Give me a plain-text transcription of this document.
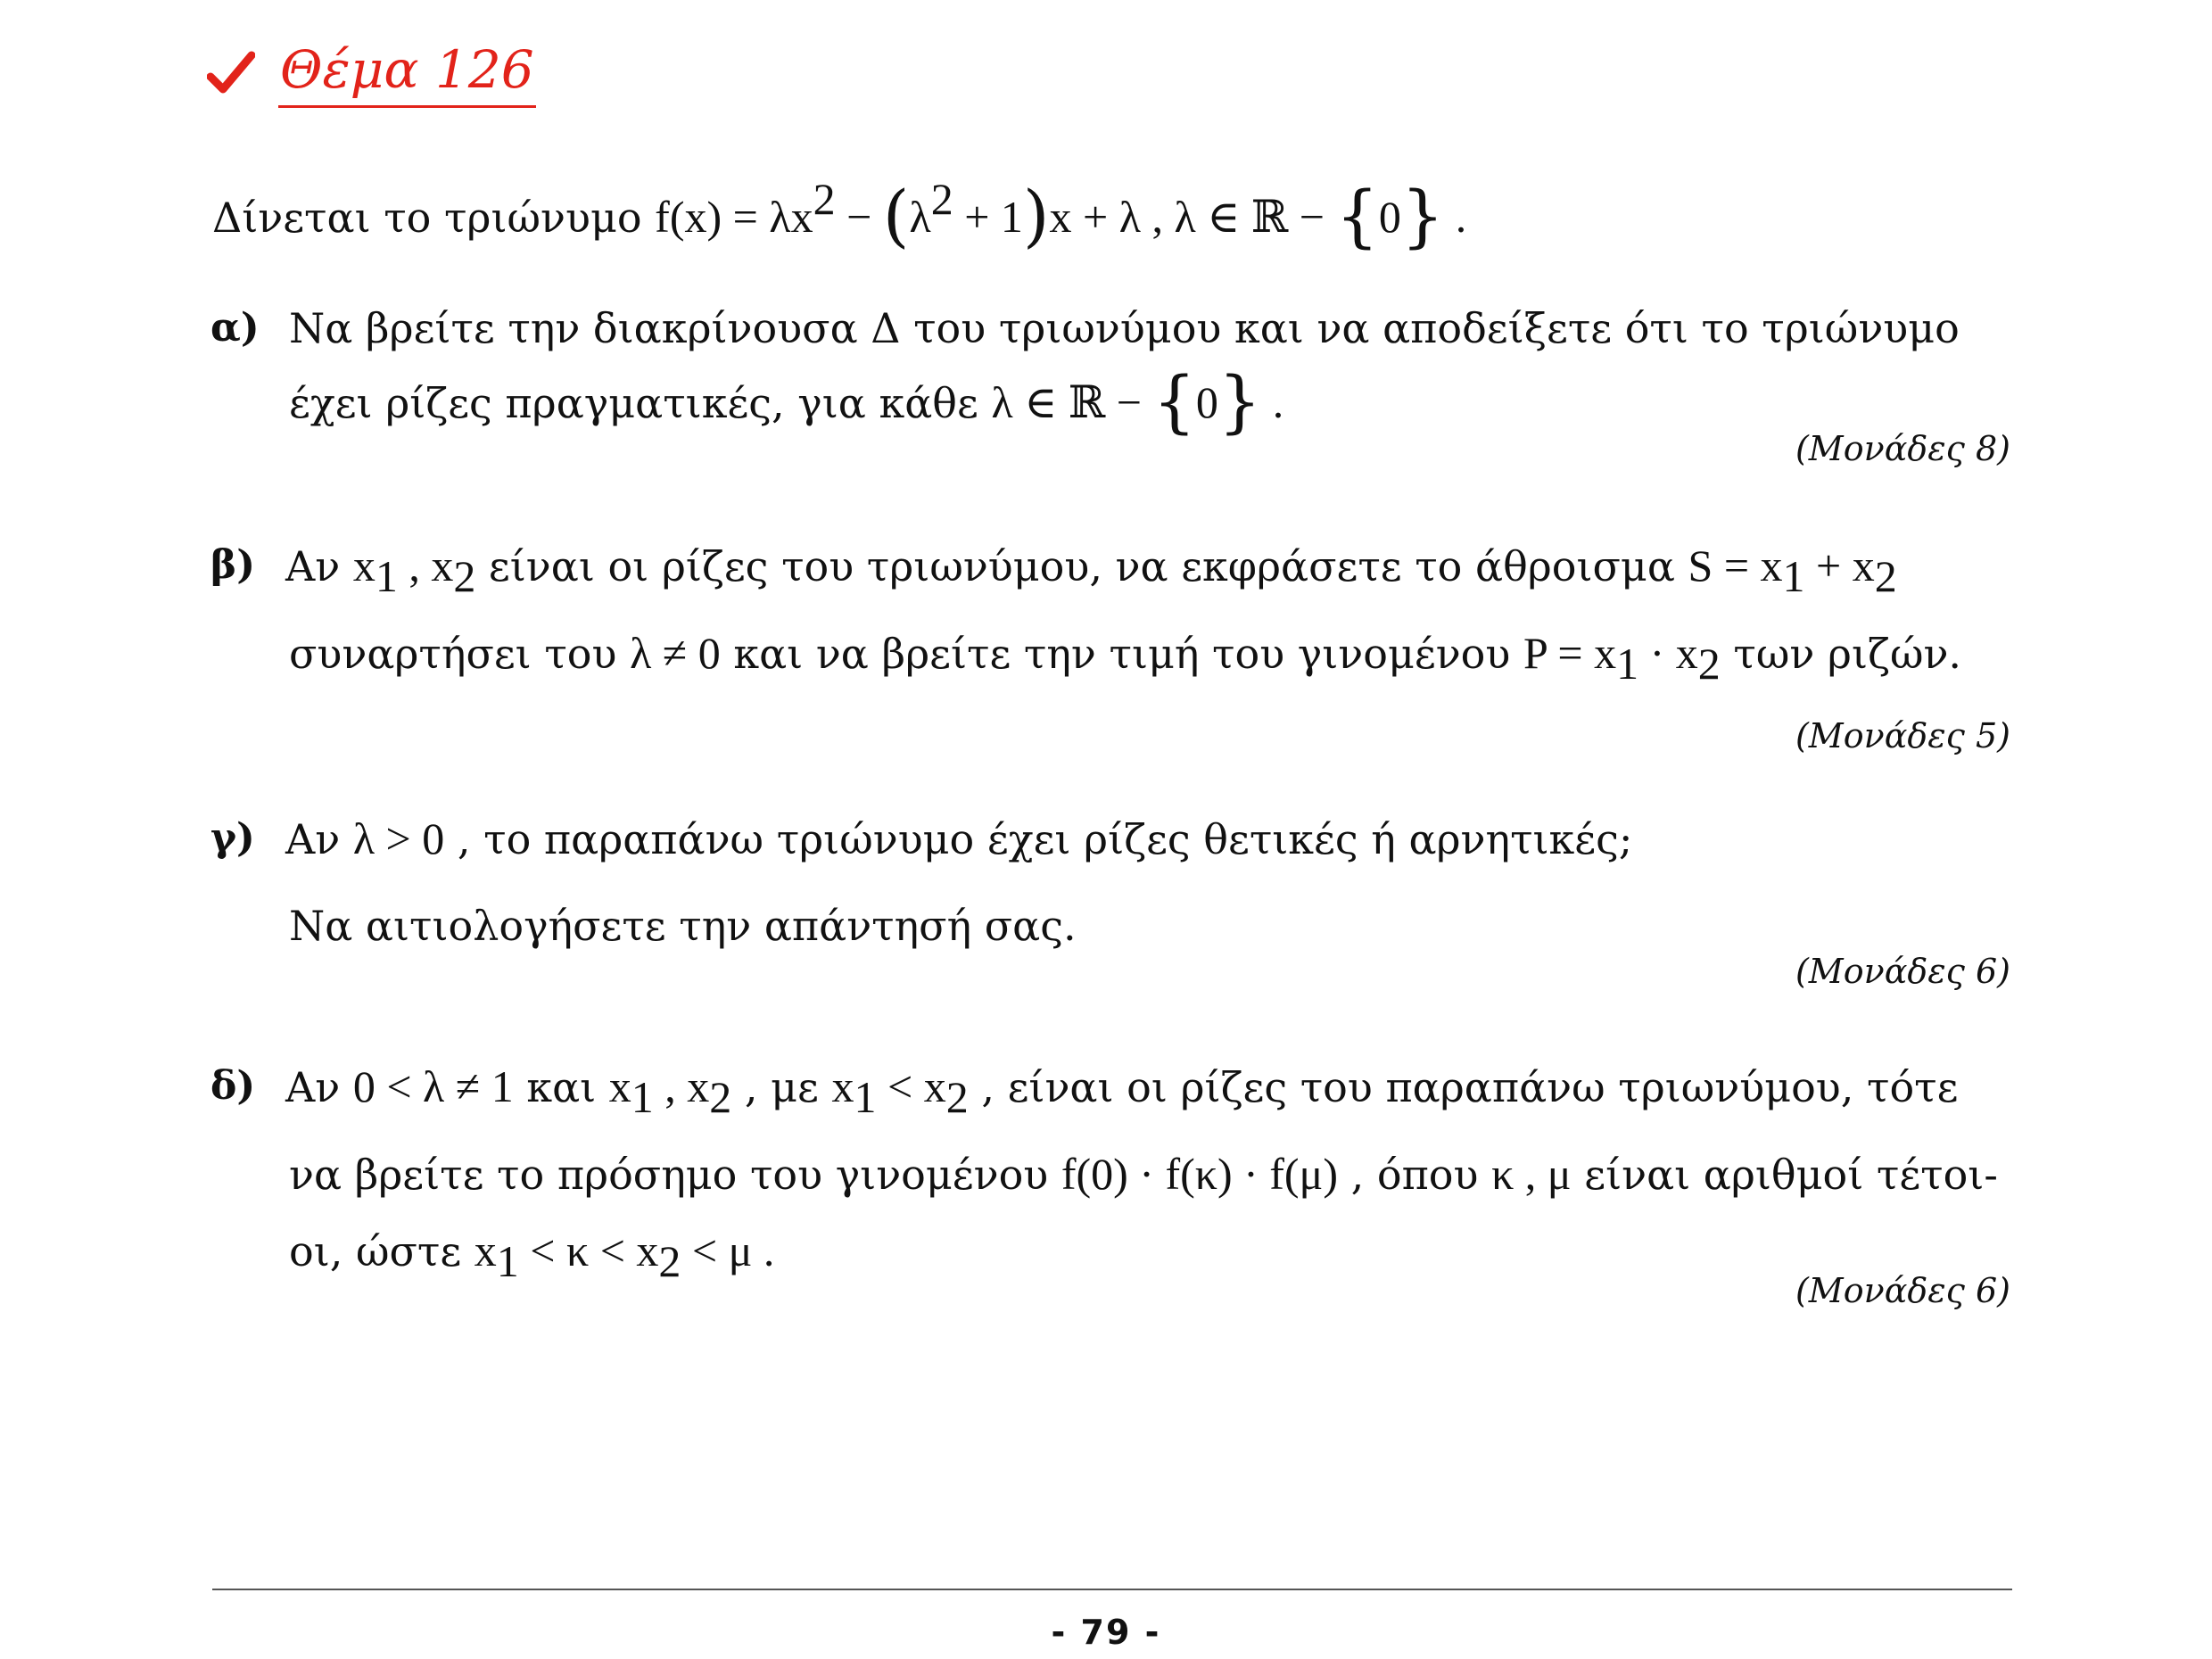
Θέμα 126
Δίνεται το τριώνυμο $f(x) = \lambda x^2 - (\lambda^2 + 1)x + \lambda$ , λ ∈ ℝ − {0} .
α) Να βρείτε την διακρίνουσα Δ του τριωνύμου και να αποδείξετε ότι το τριώνυμο
έχει ρίζες πραγματικές, για κάθε λ ∈ ℝ − {0} .
(Μονάδες 8)
β) Αν $x_1$ , $x_2$ είναι οι ρίζες του τριωνύμου, να εκφράσετε το άθροισμα $S = x_1 + x_2$
συναρτήσει του λ ≠ 0 και να βρείτε την τιμή του γινομένου $P = x_1 \cdot x_2$ των ριζών.
(Μονάδες 5)
γ) Αν λ > 0 , το παραπάνω τριώνυμο έχει ρίζες θετικές ή αρνητικές;
Να αιτιολογήσετε την απάντησή σας.
(Μονάδες 6)
δ) Αν 0 < λ ≠ 1 και $x_1$ , $x_2$ , με $x_1 < x_2$ , είναι οι ρίζες του παραπάνω τριωνύμου, τότε
να βρείτε το πρόσημο του γινομένου f(0) · f(κ) · f(μ) , όπου κ , μ είναι αριθμοί τέτοι-
οι, ώστε $x_1 < \kappa < x_2 < \mu$ .
(Μονάδες 6)
- 79 -
